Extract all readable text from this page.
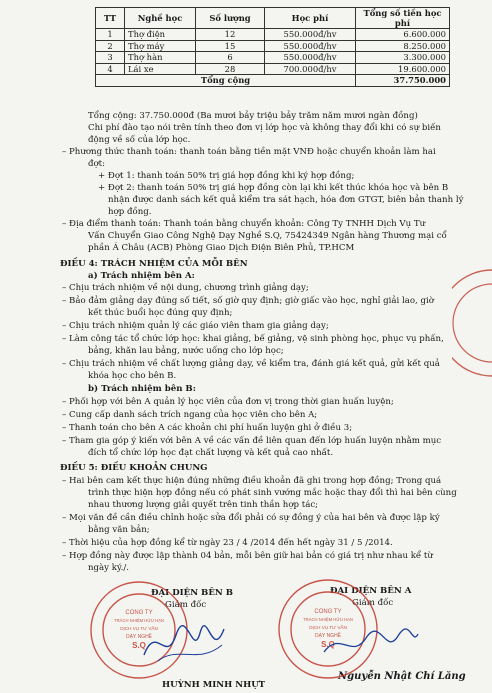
TT	Nghề học	Số lượng	Học phí	Tổng số tiền học phí
1	Thợ điện	12	550.000đ/hv	6.600.000
2	Thợ máy	15	550.000đ/hv	8.250.000
3	Thợ hàn	6	550.000đ/hv	3.300.000
4	Lái xe	28	700.000đ/hv	19.600.000
Tổng cộng				37.750.000

Tổng cộng: 37.750.000đ (Ba mươi bảy triệu bảy trăm năm mươi ngàn đồng)

Chi phí đào tạo nói trên tính theo đơn vị lớp học và không thay đổi khi có sự biến

động về số của lớp học.

– Phương thức thanh toán: thanh toán bằng tiền mặt VNĐ hoặc chuyển khoản làm hai

đợt:

+ Đợt 1: thanh toán 50% trị giá hợp đồng khi ký hợp đồng;

+ Đợt 2: thanh toán 50% trị giá hợp đồng còn lại khi kết thúc khóa học và bên B

nhận được danh sách kết quả kiểm tra sát hạch, hóa đơn GTGT, biên bản thanh lý

hợp đồng.

– Địa điểm thanh toán: Thanh toán bằng chuyển khoản: Công Ty TNHH Dịch Vụ Tư

Vấn Chuyển Giao Công Nghệ Dạy Nghề S.Q, 75424349 Ngân hàng Thương mại cổ

phần Á Châu (ACB) Phòng Giao Dịch Điện Biên Phủ, TP.HCM

ĐIỀU 4: TRÁCH NHIỆM CỦA MỖI BÊN

a) Trách nhiệm bên A:

– Chịu trách nhiệm về nội dung, chương trình giảng dạy;

– Bảo đảm giảng dạy đúng số tiết, số giờ quy định; giờ giấc vào học, nghỉ giải lao, giờ

kết thúc buổi học đúng quy định;

– Chịu trách nhiệm quản lý các giáo viên tham gia giảng dạy;

– Làm công tác tổ chức lớp học: khai giảng, bế giảng, vệ sinh phòng học, phục vụ phấn,

bảng, khăn lau bảng, nước uống cho lớp học;

– Chịu trách nhiệm về chất lượng giảng dạy, về kiểm tra, đánh giá kết quả, gửi kết quả

khóa học cho bên B.

b) Trách nhiệm bên B:

– Phối hợp với bên A quản lý học viên của đơn vị trong thời gian huấn luyện;

– Cung cấp danh sách trích ngang của học viên cho bên A;

– Thanh toán cho bên A các khoản chi phí huấn luyện ghi ở điều 3;

– Tham gia góp ý kiến với bên A về các vấn đề liên quan đến lớp huấn luyện nhằm mục

đích tổ chức lớp học đạt chất lượng và kết quả cao nhất.

ĐIỀU 5: ĐIỀU KHOẢN CHUNG

– Hai bên cam kết thực hiện đúng những điều khoản đã ghi trong hợp đồng; Trong quá

trình thực hiện hợp đồng nếu có phát sinh vướng mắc hoặc thay đổi thì hai bên cùng

nhau thương lượng giải quyết trên tinh thần hợp tác;

– Mọi văn đề cần điều chỉnh hoặc sửa đổi phải có sự đồng ý của hai bên và được lập ký

bằng văn bản;

– Thời hiệu của hợp đồng kể từ ngày 23 / 4 /2014 đến hết ngày 31 / 5 /2014.

– Hợp đồng này được lập thành 04 bản, mỗi bên giữ hai bản có giá trị như nhau kể từ

ngày ký./.

ĐẠI DIỆN BÊN B
Giám đốc
HUỲNH MINH NHỰT
ĐẠI DIỆN BÊN A
Giám đốc
Nguyễn Nhật Chí Lăng
CÔNG TY
TRÁCH NHIỆM HỮU HẠN
DỊCH VỤ TƯ VẤN
DẠY NGHỀ
S.Q
CÔNG TY
TRÁCH NHIỆM HỮU HẠN
DỊCH VỤ TƯ VẤN
DẠY NGHỀ
S.Q
